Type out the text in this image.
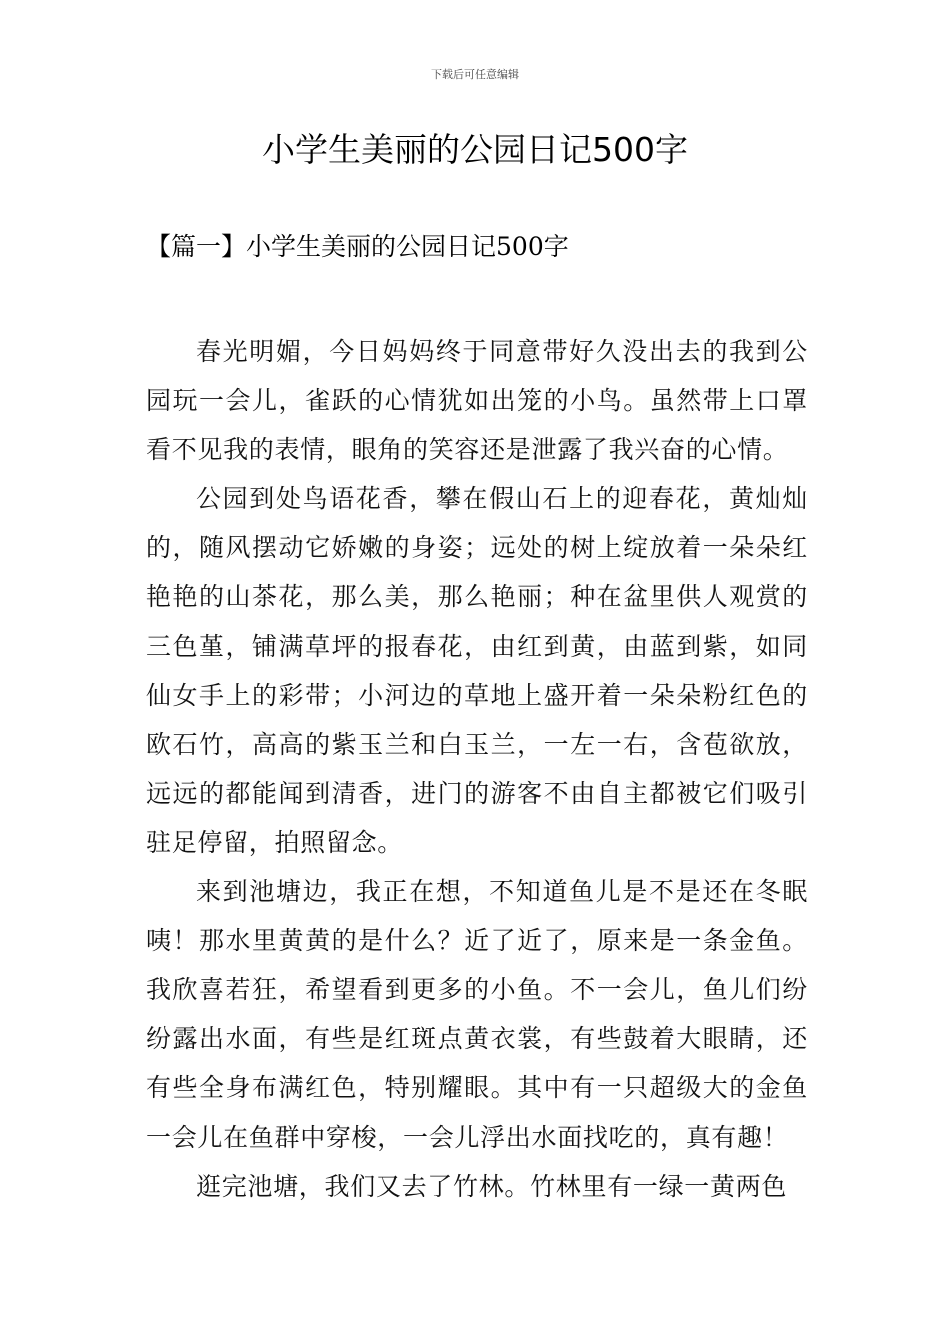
下载后可任意编辑
小学生美丽的公园日记500字
【篇一】小学生美丽的公园日记500字

春光明媚，今日妈妈终于同意带好久没出去的我到公园玩一会儿，雀跃的心情犹如出笼的小鸟。虽然带上口罩看不见我的表情，眼角的笑容还是泄露了我兴奋的心情。

公园到处鸟语花香，攀在假山石上的迎春花，黄灿灿的，随风摆动它娇嫩的身姿；远处的树上绽放着一朵朵红艳艳的山茶花，那么美，那么艳丽；种在盆里供人观赏的三色堇，铺满草坪的报春花，由红到黄，由蓝到紫，如同仙女手上的彩带；小河边的草地上盛开着一朵朵粉红色的欧石竹，高高的紫玉兰和白玉兰，一左一右，含苞欲放，远远的都能闻到清香，进门的游客不由自主都被它们吸引驻足停留，拍照留念。

来到池塘边，我正在想，不知道鱼儿是不是还在冬眠咦！那水里黄黄的是什么？近了近了，原来是一条金鱼。我欣喜若狂，希望看到更多的小鱼。不一会儿，鱼儿们纷纷露出水面，有些是红斑点黄衣裳，有些鼓着大眼睛，还有些全身布满红色，特别耀眼。其中有一只超级大的金鱼一会儿在鱼群中穿梭，一会儿浮出水面找吃的，真有趣！

逛完池塘，我们又去了竹林。竹林里有一绿一黄两色
